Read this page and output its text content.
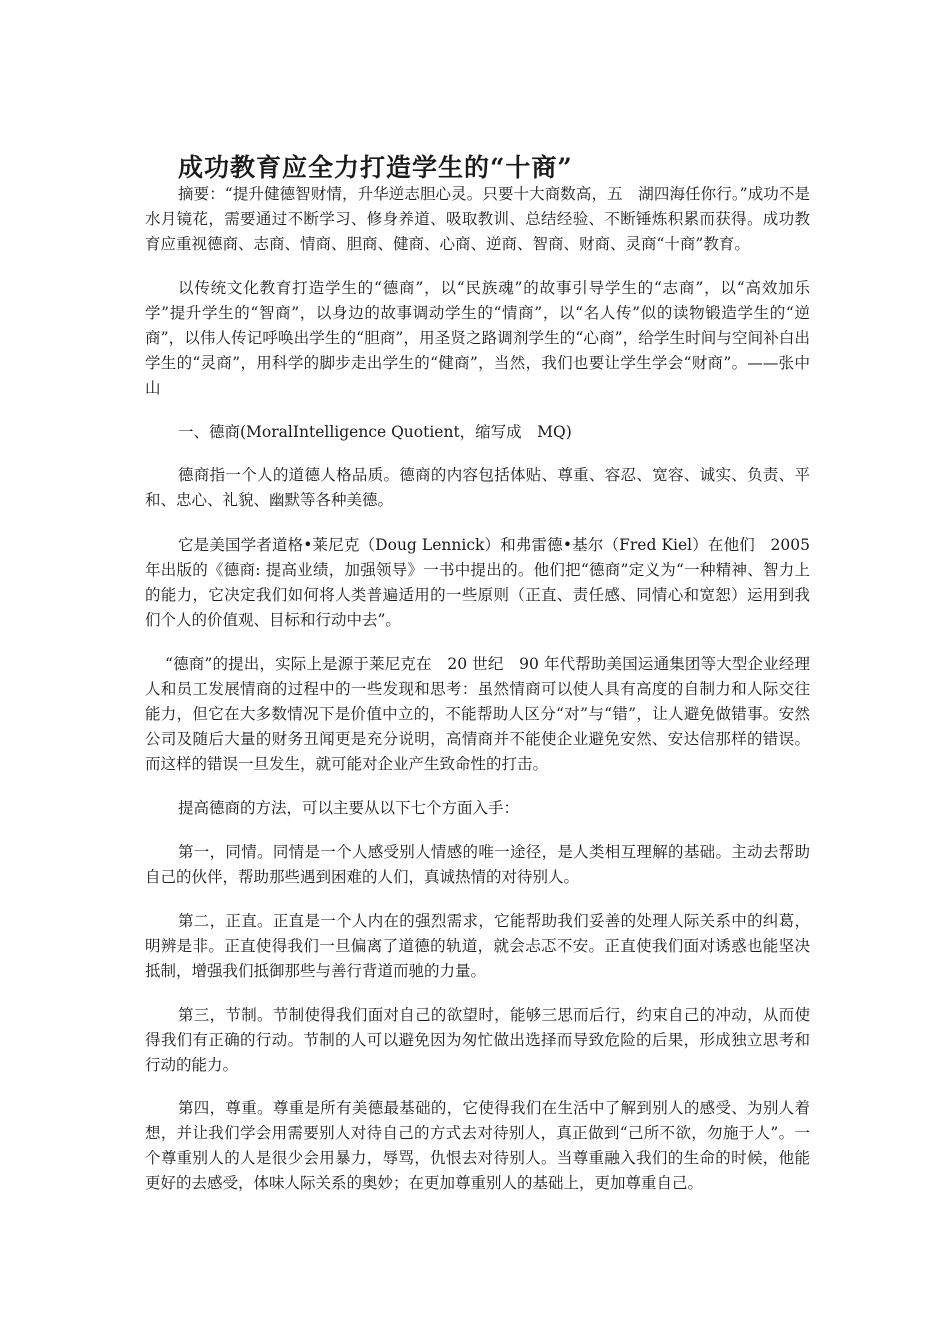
成功教育应全力打造学生的“十商”

摘要：“提升健德智财情，升华逆志胆心灵。只要十大商数高，五　湖四海任你行。”成功不是水月镜花，需要通过不断学习、修身养道、吸取教训、总结经验、不断锤炼积累而获得。成功教育应重视德商、志商、情商、胆商、健商、心商、逆商、智商、财商、灵商“十商”教育。

以传统文化教育打造学生的“德商”，以“民族魂”的故事引导学生的“志商”，以“高效加乐学”提升学生的“智商”，以身边的故事调动学生的“情商”，以“名人传”似的读物锻造学生的“逆商”，以伟人传记呼唤出学生的“胆商”，用圣贤之路调剂学生的“心商”，给学生时间与空间补白出学生的“灵商”，用科学的脚步走出学生的“健商”，当然，我们也要让学生学会“财商”。——张中山

一、德商(MoralIntelligence Quotient，缩写成　MQ)

德商指一个人的道德人格品质。德商的内容包括体贴、尊重、容忍、宽容、诚实、负责、平和、忠心、礼貌、幽默等各种美德。

它是美国学者道格•莱尼克（Doug Lennick）和弗雷德•基尔（Fred Kiel）在他们　2005 年出版的《德商: 提高业绩，加强领导》一书中提出的。他们把“德商”定义为“一种精神、智力上的能力，它决定我们如何将人类普遍适用的一些原则（正直、责任感、同情心和宽恕）运用到我们个人的价值观、目标和行动中去”。

“德商”的提出，实际上是源于莱尼克在　20 世纪　90 年代帮助美国运通集团等大型企业经理人和员工发展情商的过程中的一些发现和思考：虽然情商可以使人具有高度的自制力和人际交往能力，但它在大多数情况下是价值中立的，不能帮助人区分“对”与“错”，让人避免做错事。安然公司及随后大量的财务丑闻更是充分说明，高情商并不能使企业避免安然、安达信那样的错误。而这样的错误一旦发生，就可能对企业产生致命性的打击。

提高德商的方法，可以主要从以下七个方面入手：

第一，同情。同情是一个人感受别人情感的唯一途径，是人类相互理解的基础。主动去帮助自己的伙伴，帮助那些遇到困难的人们，真诚热情的对待别人。

第二，正直。正直是一个人内在的强烈需求，它能帮助我们妥善的处理人际关系中的纠葛，明辨是非。正直使得我们一旦偏离了道德的轨道，就会忐忑不安。正直使我们面对诱惑也能坚决抵制，增强我们抵御那些与善行背道而驰的力量。

第三，节制。节制使得我们面对自己的欲望时，能够三思而后行，约束自己的冲动，从而使得我们有正确的行动。节制的人可以避免因为匆忙做出选择而导致危险的后果，形成独立思考和行动的能力。

第四，尊重。尊重是所有美德最基础的，它使得我们在生活中了解到别人的感受、为别人着想，并让我们学会用需要别人对待自己的方式去对待别人，真正做到“己所不欲，勿施于人”。一个尊重别人的人是很少会用暴力，辱骂，仇恨去对待别人。当尊重融入我们的生命的时候，他能更好的去感受，体味人际关系的奥妙；在更加尊重别人的基础上，更加尊重自己。
